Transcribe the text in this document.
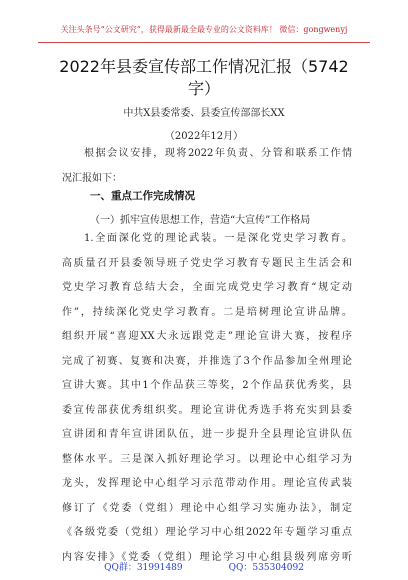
关注头条号“公文研究”，获得最新最全最专业的公文资料库！ 微信：gongwenyj
2022年县委宣传部工作情况汇报（5742字）
中共X县委常委、县委宣传部部长XX
（2022年12月）
根据会议安排，现将2022年负责、分管和联系工作情
况汇报如下：
一、重点工作完成情况
（一）抓牢宣传思想工作，营造“大宣传”工作格局
1.全面深化党的理论武装。一是深化党史学习教育。
高质量召开县委领导班子党史学习教育专题民主生活会和
党史学习教育总结大会，全面完成党史学习教育“规定动
作”，持续深化党史学习教育。二是培树理论宣讲品牌。
组织开展“喜迎XX大永远跟党走”理论宣讲大赛，按程序
完成了初赛、复赛和决赛，并推选了3个作品参加全州理论
宣讲大赛。其中1个作品获三等奖，2个作品获优秀奖，县
委宣传部获优秀组织奖。理论宣讲优秀选手将充实到县委
宣讲团和青年宣讲团队伍，进一步提升全县理论宣讲队伍
整体水平。三是深入抓好理论学习。以理论中心组学习为
龙头，发挥理论中心组学习示范带动作用。理论宣传武装
修订了《党委（党组）理论中心组学习实施办法》，制定
《各级党委（党组）理论学习中心组2022年专题学习重点
内容安排》《党委（党组）理论学习中心组县级列席旁听
QQ群：31991489	QQ：535304092
